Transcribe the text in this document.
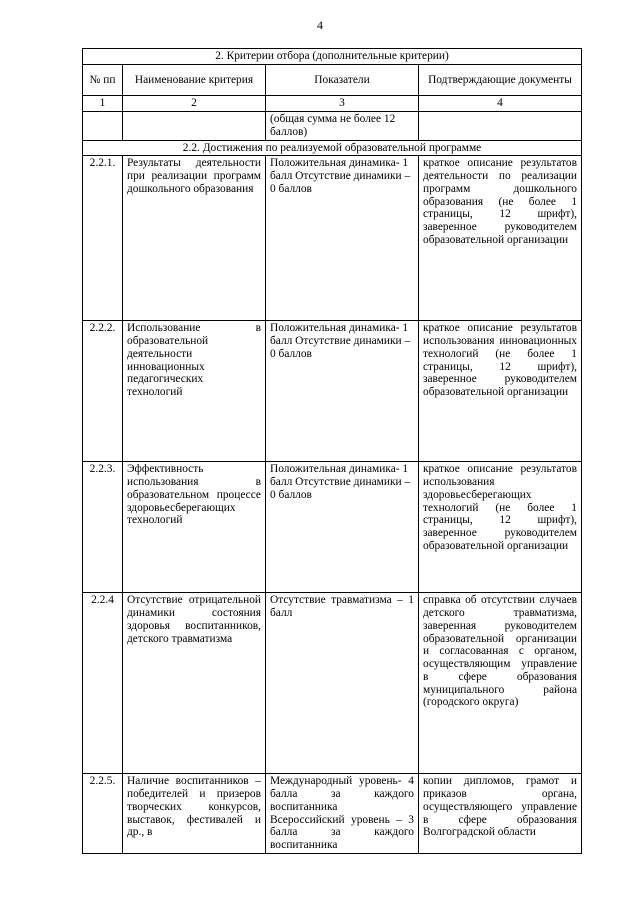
4
2. Критерии отбора (дополнительные критерии)			
№ пп	Наименование критерия	Показатели	Подтверждающие документы
1	2	3	4
		(общая сумма не более 12 баллов)	
2.2. Достижения по реализуемой образовательной программе			
2.2.1.	Результаты деятельности при реализации программ дошкольного образования	Положительная динамика- 1 балл Отсутствие динамики – 0 баллов	краткое описание результатов деятельности по реализации программ дошкольного образования (не более 1 страницы, 12 шрифт), заверенное руководителем образовательной организации
2.2.2.	Использование в образовательной деятельности инновационных педагогических технологий	Положительная динамика- 1 балл Отсутствие динамики – 0 баллов	краткое описание результатов использования инновационных технологий (не более 1 страницы, 12 шрифт), заверенное руководителем образовательной организации
2.2.3.	Эффективность использования в образовательном процессе здоровьесберегающих технологий	Положительная динамика- 1 балл Отсутствие динамики – 0 баллов	краткое описание результатов использования здоровьесберегающих технологий (не более 1 страницы, 12 шрифт), заверенное руководителем образовательной организации
2.2.4	Отсутствие отрицательной динамики состояния здоровья воспитанников, детского травматизма	Отсутствие травматизма – 1 балл	справка об отсутствии случаев детского травматизма, заверенная руководителем образовательной организации и согласованная с органом, осуществляющим управление в сфере образования муниципального района (городского округа)
2.2.5.	Наличие воспитанников – победителей и призеров творческих конкурсов, выставок, фестивалей и др., в	Международный уровень- 4 балла за каждого воспитанника Всероссийский уровень – 3 балла за каждого воспитанника	копии дипломов, грамот и приказов органа, осуществляющего управление в сфере образования Волгоградской области
